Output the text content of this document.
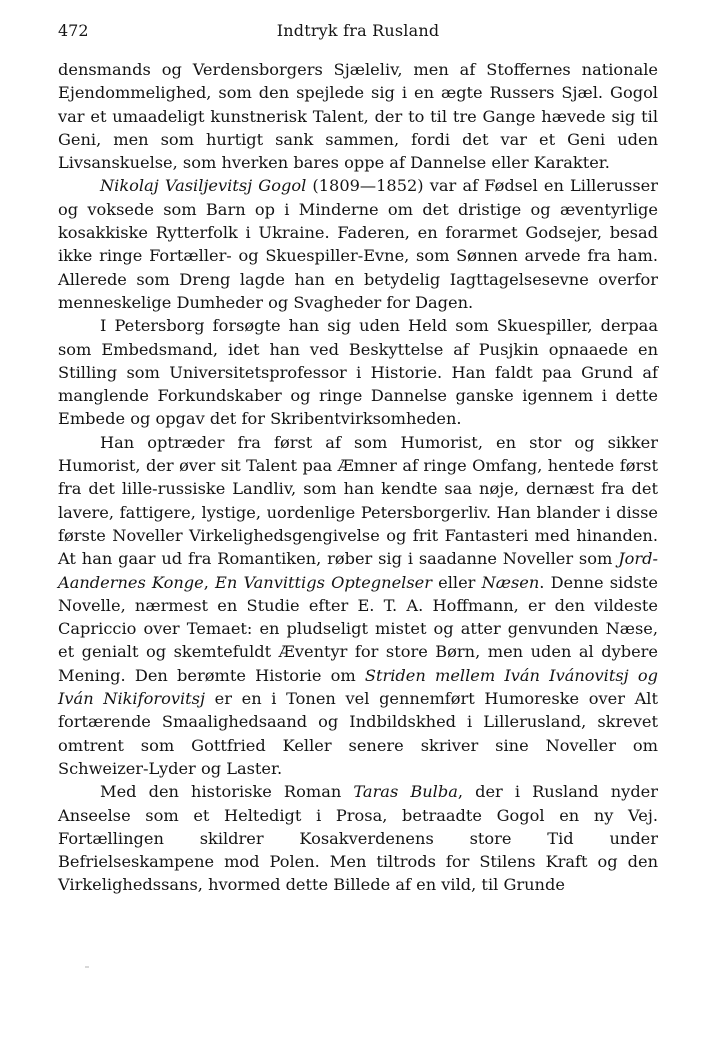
472	Indtryk fra Rusland

densmands og Verdensborgers Sjæleliv, men af Stoffernes nationale Ejendommelighed, som den spejlede sig i en ægte Russers Sjæl. Gogol var et umaadeligt kunstnerisk Talent, der to til tre Gange hævede sig til Geni, men som hurtigt sank sammen, fordi det var et Geni uden Livsanskuelse, som hverken bares oppe af Dannelse eller Karakter.

Nikolaj Vasiljevitsj Gogol (1809—1852) var af Fødsel en Lillerusser og voksede som Barn op i Minderne om det dristige og æventyrlige kosakkiske Rytterfolk i Ukraine. Faderen, en forarmet Godsejer, besad ikke ringe Fortæller- og Skuespiller-Evne, som Sønnen arvede fra ham. Allerede som Dreng lagde han en betydelig Iagttagelsesevne overfor menneskelige Dumheder og Svagheder for Dagen.

I Petersborg forsøgte han sig uden Held som Skuespiller, derpaa som Embedsmand, idet han ved Beskyttelse af Pusjkin opnaaede en Stilling som Universitetsprofessor i Historie. Han faldt paa Grund af manglende Forkundskaber og ringe Dannelse ganske igennem i dette Embede og opgav det for Skribentvirksomheden.

Han optræder fra først af som Humorist, en stor og sikker Humorist, der øver sit Talent paa Æmner af ringe Omfang, hentede først fra det lille-russiske Landliv, som han kendte saa nøje, dernæst fra det lavere, fattigere, lystige, uordenlige Petersborgerliv. Han blander i disse første Noveller Virkelighedsgengivelse og frit Fantasteri med hinanden. At han gaar ud fra Romantiken, røber sig i saadanne Noveller som Jord-Aandernes Konge, En Vanvittigs Optegnelser eller Næsen. Denne sidste Novelle, nærmest en Studie efter E. T. A. Hoffmann, er den vildeste Capriccio over Temaet: en pludseligt mistet og atter genvunden Næse, et genialt og skemtefuldt Æventyr for store Børn, men uden al dybere Mening. Den berømte Historie om Striden mellem Iván Ivánovitsj og Iván Nikiforovitsj er en i Tonen vel gennemført Humoreske over Alt fortærende Smaalighedsaand og Indbildskhed i Lillerusland, skrevet omtrent som Gottfried Keller senere skriver sine Noveller om Schweizer-Lyder og Laster.

Med den historiske Roman Taras Bulba, der i Rusland nyder Anseelse som et Heltedigt i Prosa, betraadte Gogol en ny Vej. Fortællingen skildrer Kosakverdenens store Tid under Befrielseskampene mod Polen. Men tiltrods for Stilens Kraft og den Virkelighedssans, hvormed dette Billede af en vild, til Grunde
